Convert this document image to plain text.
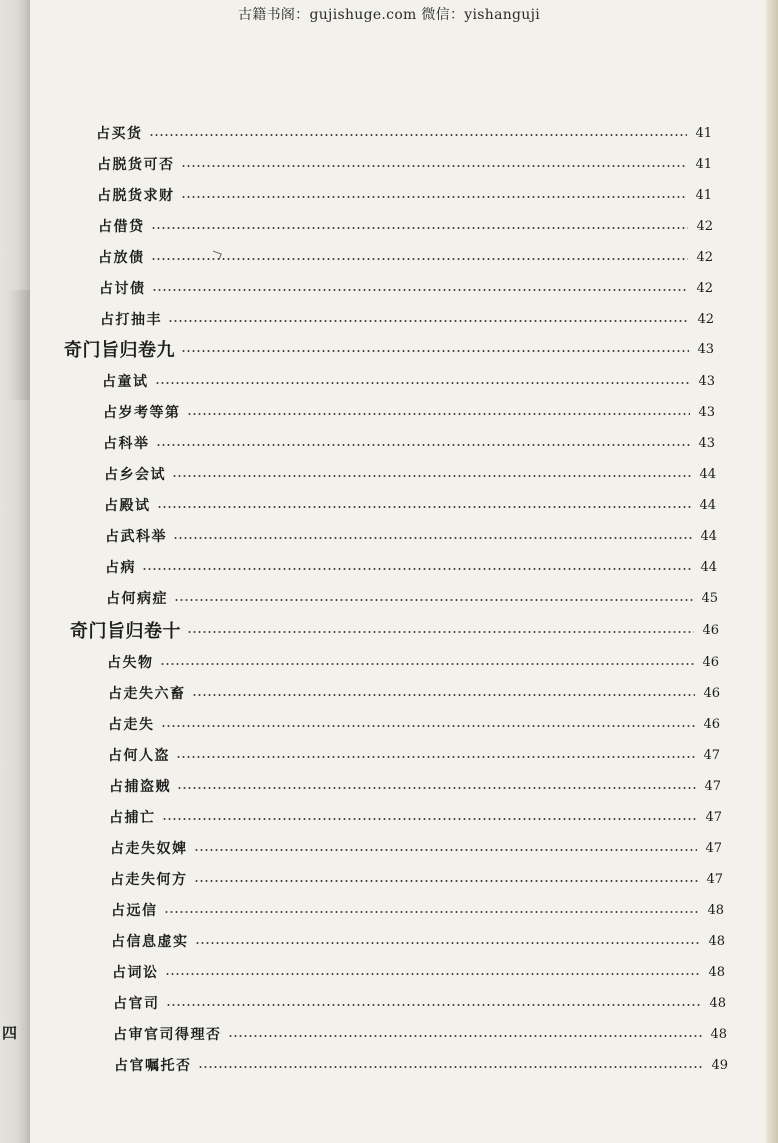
古籍书阁：gujishuge.com 微信：yishanguji
占买货	41
占脱货可否	41
占脱货求财	41
占借贷	42
占放债	42
占讨债	42
占打抽丰	42
奇门旨归卷九	43
占童试	43
占岁考等第	43
占科举	43
占乡会试	44
占殿试	44
占武科举	44
占病	44
占何病症	45
奇门旨归卷十	46
占失物	46
占走失六畜	46
占走失	46
占何人盗	47
占捕盗贼	47
占捕亡	47
占走失奴婢	47
占走失何方	47
占远信	48
占信息虚实	48
占词讼	48
占官司	48
占审官司得理否	48
占官嘱托否	49
四
